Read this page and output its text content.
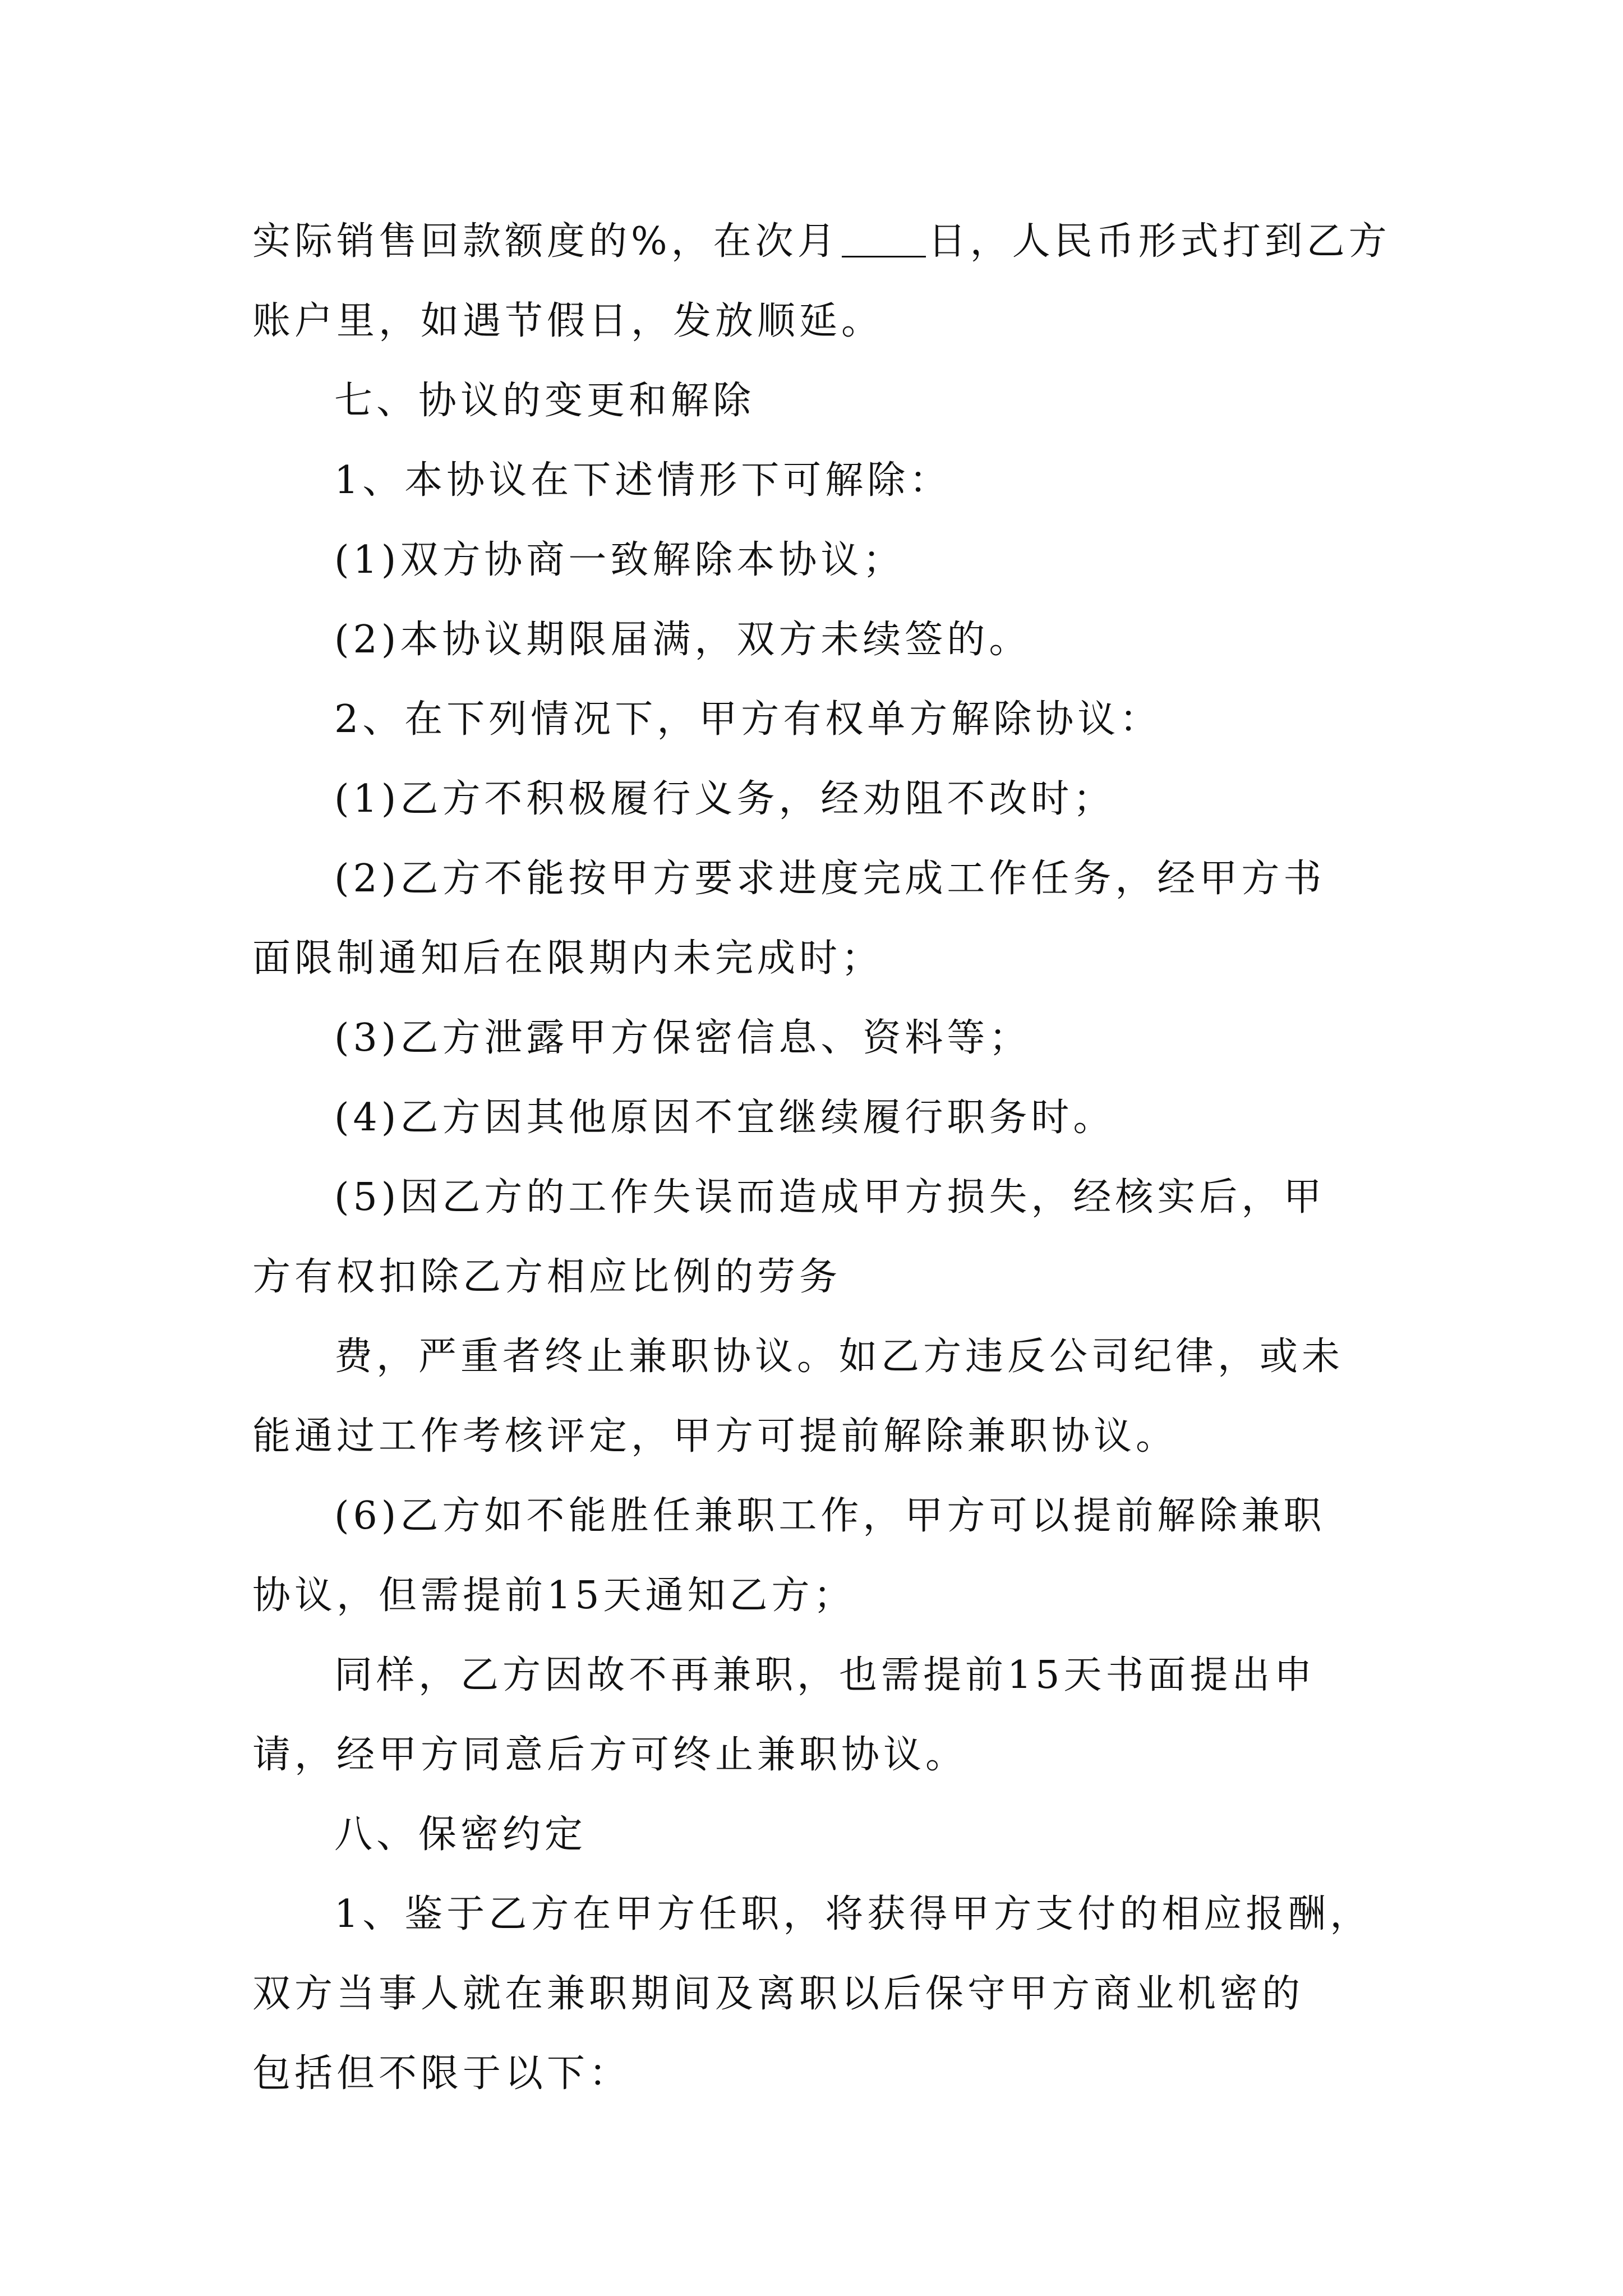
实际销售回款额度的%，在次月 日，人民币形式打到乙方
账户里，如遇节假日，发放顺延。
七、协议的变更和解除
1、本协议在下述情形下可解除：
(1)双方协商一致解除本协议；
(2)本协议期限届满，双方未续签的。
2、在下列情况下，甲方有权单方解除协议：
(1)乙方不积极履行义务，经劝阻不改时；
(2)乙方不能按甲方要求进度完成工作任务，经甲方书
面限制通知后在限期内未完成时；
(3)乙方泄露甲方保密信息、资料等；
(4)乙方因其他原因不宜继续履行职务时。
(5)因乙方的工作失误而造成甲方损失，经核实后，甲
方有权扣除乙方相应比例的劳务
费，严重者终止兼职协议。如乙方违反公司纪律，或未
能通过工作考核评定，甲方可提前解除兼职协议。
(6)乙方如不能胜任兼职工作，甲方可以提前解除兼职
协议，但需提前15天通知乙方；
同样，乙方因故不再兼职，也需提前15天书面提出申
请，经甲方同意后方可终止兼职协议。
八、保密约定
1、鉴于乙方在甲方任职，将获得甲方支付的相应报酬，
双方当事人就在兼职期间及离职以后保守甲方商业机密的
包括但不限于以下：
